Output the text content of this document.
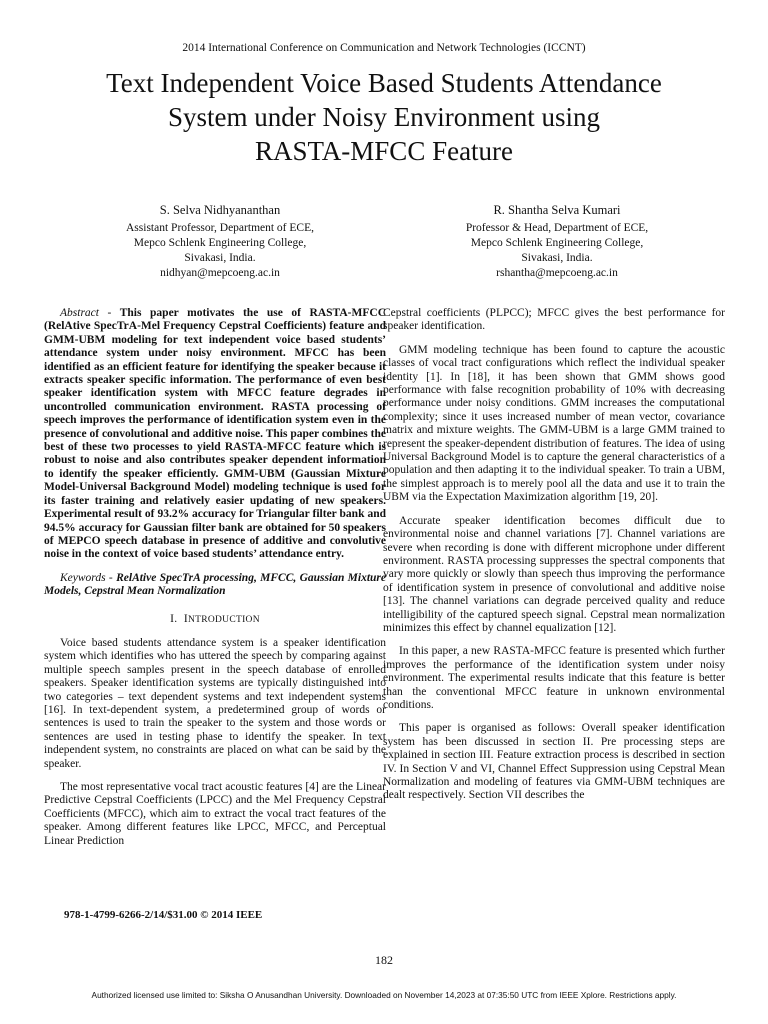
2014 International Conference on Communication and Network Technologies (ICCNT)
Text Independent Voice Based Students Attendance
System under Noisy Environment using
RASTA-MFCC Feature
S. Selva Nidhyananthan
Assistant Professor, Department of ECE,
Mepco Schlenk Engineering College,
Sivakasi, India.
nidhyan@mepcoeng.ac.in
R. Shantha Selva Kumari
Professor & Head, Department of ECE,
Mepco Schlenk Engineering College,
Sivakasi, India.
rshantha@mepcoeng.ac.in

Abstract - This paper motivates the use of RASTA-MFCC (RelAtive SpecTrA-Mel Frequency Cepstral Coefficients) feature and GMM-UBM modeling for text independent voice based students’ attendance system under noisy environment. MFCC has been identified as an efficient feature for identifying the speaker because it extracts speaker specific information. The performance of even best speaker identification system with MFCC feature degrades in uncontrolled communication environment. RASTA processing of speech improves the performance of identification system even in the presence of convolutional and additive noise. This paper combines the best of these two processes to yield RASTA-MFCC feature which is robust to noise and also contributes speaker dependent information to identify the speaker efficiently. GMM-UBM (Gaussian Mixture Model-Universal Background Model) modeling technique is used for its faster training and relatively easier updating of new speakers. Experimental result of 93.2% accuracy for Triangular filter bank and 94.5% accuracy for Gaussian filter bank are obtained for 50 speakers of MEPCO speech database in presence of additive and convolutive noise in the context of voice based students’ attendance entry.

Keywords - RelAtive SpecTrA processing, MFCC, Gaussian Mixture Models, Cepstral Mean Normalization

I. INTRODUCTION

Voice based students attendance system is a speaker identification system which identifies who has uttered the speech by comparing against multiple speech samples present in the speech database of enrolled speakers. Speaker identification systems are typically distinguished into two categories – text dependent systems and text independent systems [16]. In text-dependent system, a predetermined group of words or sentences is used to train the speaker to the system and those words or sentences are used in testing phase to identify the speaker. In text independent system, no constraints are placed on what can be said by the speaker.

The most representative vocal tract acoustic features [4] are the Linear Predictive Cepstral Coefficients (LPCC) and the Mel Frequency Cepstral Coefficients (MFCC), which aim to extract the vocal tract features of the speaker. Among different features like LPCC, MFCC, and Perceptual Linear Prediction

Cepstral coefficients (PLPCC); MFCC gives the best performance for speaker identification.

GMM modeling technique has been found to capture the acoustic classes of vocal tract configurations which reflect the individual speaker identity [1]. In [18], it has been shown that GMM shows good performance with false recognition probability of 10% with decreasing performance under noisy conditions. GMM increases the computational complexity; since it uses increased number of mean vector, covariance matrix and mixture weights. The GMM-UBM is a large GMM trained to represent the speaker-dependent distribution of features. The idea of using Universal Background Model is to capture the general characteristics of a population and then adapting it to the individual speaker. To train a UBM, the simplest approach is to merely pool all the data and use it to train the UBM via the Expectation Maximization algorithm [19, 20].

Accurate speaker identification becomes difficult due to environmental noise and channel variations [7]. Channel variations are severe when recording is done with different microphone under different environment. RASTA processing suppresses the spectral components that vary more quickly or slowly than speech thus improving the performance of identification system in presence of convolutional and additive noise [13]. The channel variations can degrade perceived quality and reduce intelligibility of the captured speech signal. Cepstral mean normalization minimizes this effect by channel equalization [12].

In this paper, a new RASTA-MFCC feature is presented which further improves the performance of the identification system under noisy environment. The experimental results indicate that this feature is better than the conventional MFCC feature in unknown environmental conditions.

This paper is organised as follows: Overall speaker identification system has been discussed in section II. Pre processing steps are explained in section III. Feature extraction process is described in section IV. In Section V and VI, Channel Effect Suppression using Cepstral Mean Normalization and modeling of features via GMM-UBM techniques are dealt respectively. Section VII describes the

978-1-4799-6266-2/14/$31.00 © 2014 IEEE
182
Authorized licensed use limited to: Siksha O Anusandhan University. Downloaded on November 14,2023 at 07:35:50 UTC from IEEE Xplore. Restrictions apply.
